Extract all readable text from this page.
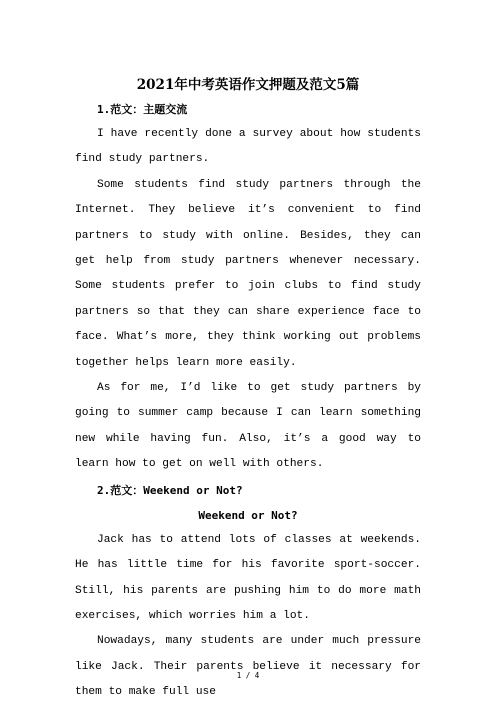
2021年中考英语作文押题及范文5篇

1.范文：主题交流

I have recently done a survey about how students find study partners.

Some students find study partners through the Internet. They believe it’s convenient to find partners to study with online. Besides, they can get help from study partners whenever necessary. Some students prefer to join clubs to find study partners so that they can share experience face to face. What’s more, they think working out problems together helps learn more easily.

As for me, I’d like to get study partners by going to summer camp because I can learn something new while having fun. Also, it’s a good way to learn how to get on well with others.

2.范文：Weekend or Not?

Weekend or Not?

Jack has to attend lots of classes at weekends. He has little time for his favorite sport-soccer. Still, his parents are pushing him to do more math exercises, which worries him a lot.

Nowadays, many students are under much pressure like Jack. Their parents believe it necessary for them to make full use

1 / 4
